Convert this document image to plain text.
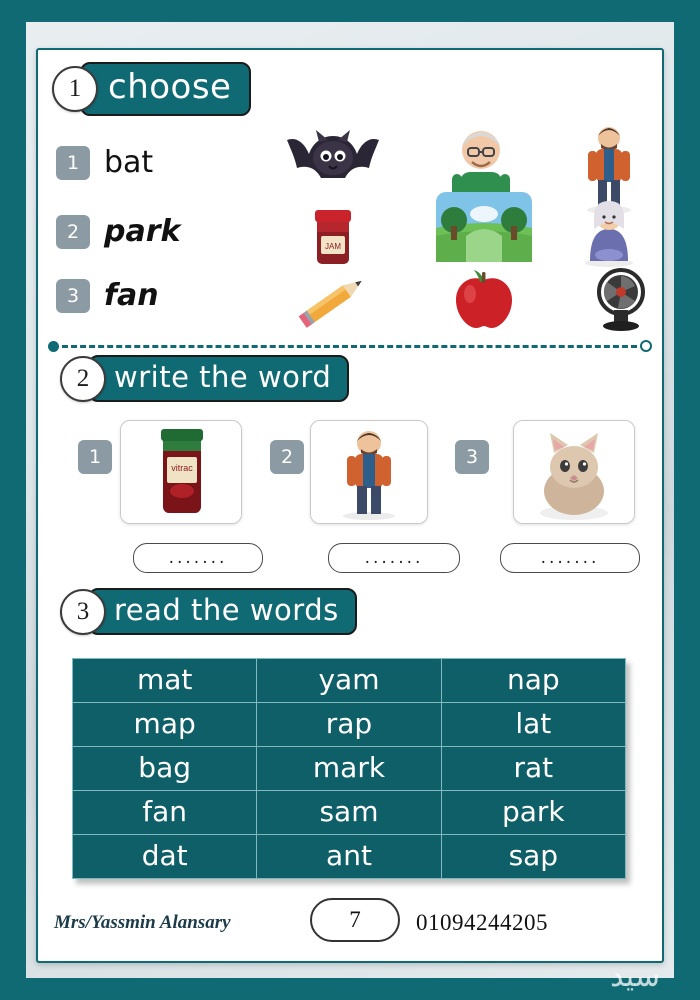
1 choose
1 bat
2 park	JAM
3 fan
2 write the word
1	vitrac	2	3
.......	.......	.......
3 read the words
mat	yam	nap
map	rap	lat
bag	mark	rat
fan	sam	park
dat	ant	sap
Mrs/Yassmin Alansary	7	01094244205
سيد
